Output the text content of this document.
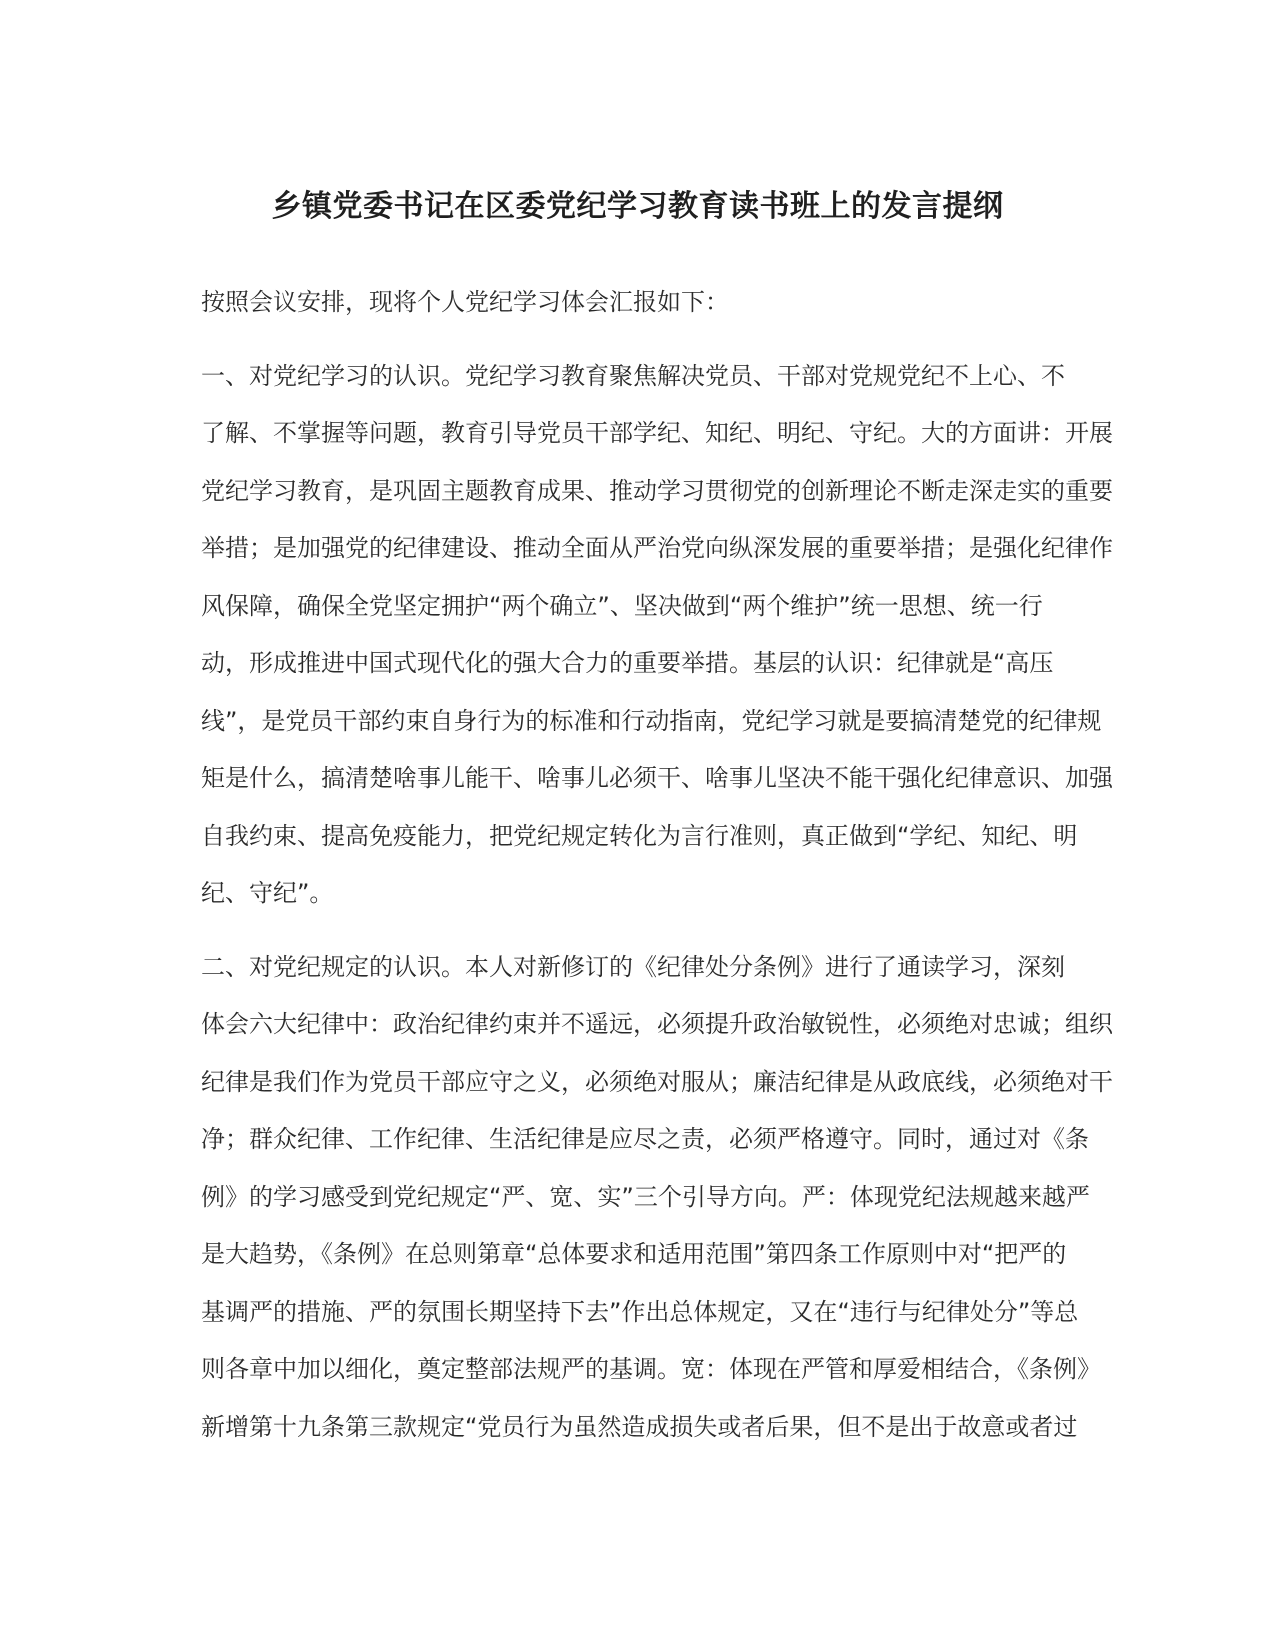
乡镇党委书记在区委党纪学习教育读书班上的发言提纲

按照会议安排，现将个人党纪学习体会汇报如下：

一、对党纪学习的认识。党纪学习教育聚焦解决党员、干部对党规党纪不上心、不
了解、不掌握等问题，教育引导党员干部学纪、知纪、明纪、守纪。大的方面讲：开展
党纪学习教育，是巩固主题教育成果、推动学习贯彻党的创新理论不断走深走实的重要
举措；是加强党的纪律建设、推动全面从严治党向纵深发展的重要举措；是强化纪律作
风保障，确保全党坚定拥护“两个确立”、坚决做到“两个维护”统一思想、统一行
动，形成推进中国式现代化的强大合力的重要举措。基层的认识：纪律就是“高压
线”，是党员干部约束自身行为的标准和行动指南，党纪学习就是要搞清楚党的纪律规
矩是什么，搞清楚啥事儿能干、啥事儿必须干、啥事儿坚决不能干强化纪律意识、加强
自我约束、提高免疫能力，把党纪规定转化为言行准则，真正做到“学纪、知纪、明
纪、守纪”。

二、对党纪规定的认识。本人对新修订的《纪律处分条例》进行了通读学习，深刻
体会六大纪律中：政治纪律约束并不遥远，必须提升政治敏锐性，必须绝对忠诚；组织
纪律是我们作为党员干部应守之义，必须绝对服从；廉洁纪律是从政底线，必须绝对干
净；群众纪律、工作纪律、生活纪律是应尽之责，必须严格遵守。同时，通过对《条
例》的学习感受到党纪规定“严、宽、实”三个引导方向。严：体现党纪法规越来越严
是大趋势，《条例》在总则第章“总体要求和适用范围”第四条工作原则中对“把严的
基调严的措施、严的氛围长期坚持下去”作出总体规定，又在“违行与纪律处分”等总
则各章中加以细化，奠定整部法规严的基调。宽：体现在严管和厚爱相结合，《条例》
新增第十九条第三款规定“党员行为虽然造成损失或者后果，但不是出于故意或者过
